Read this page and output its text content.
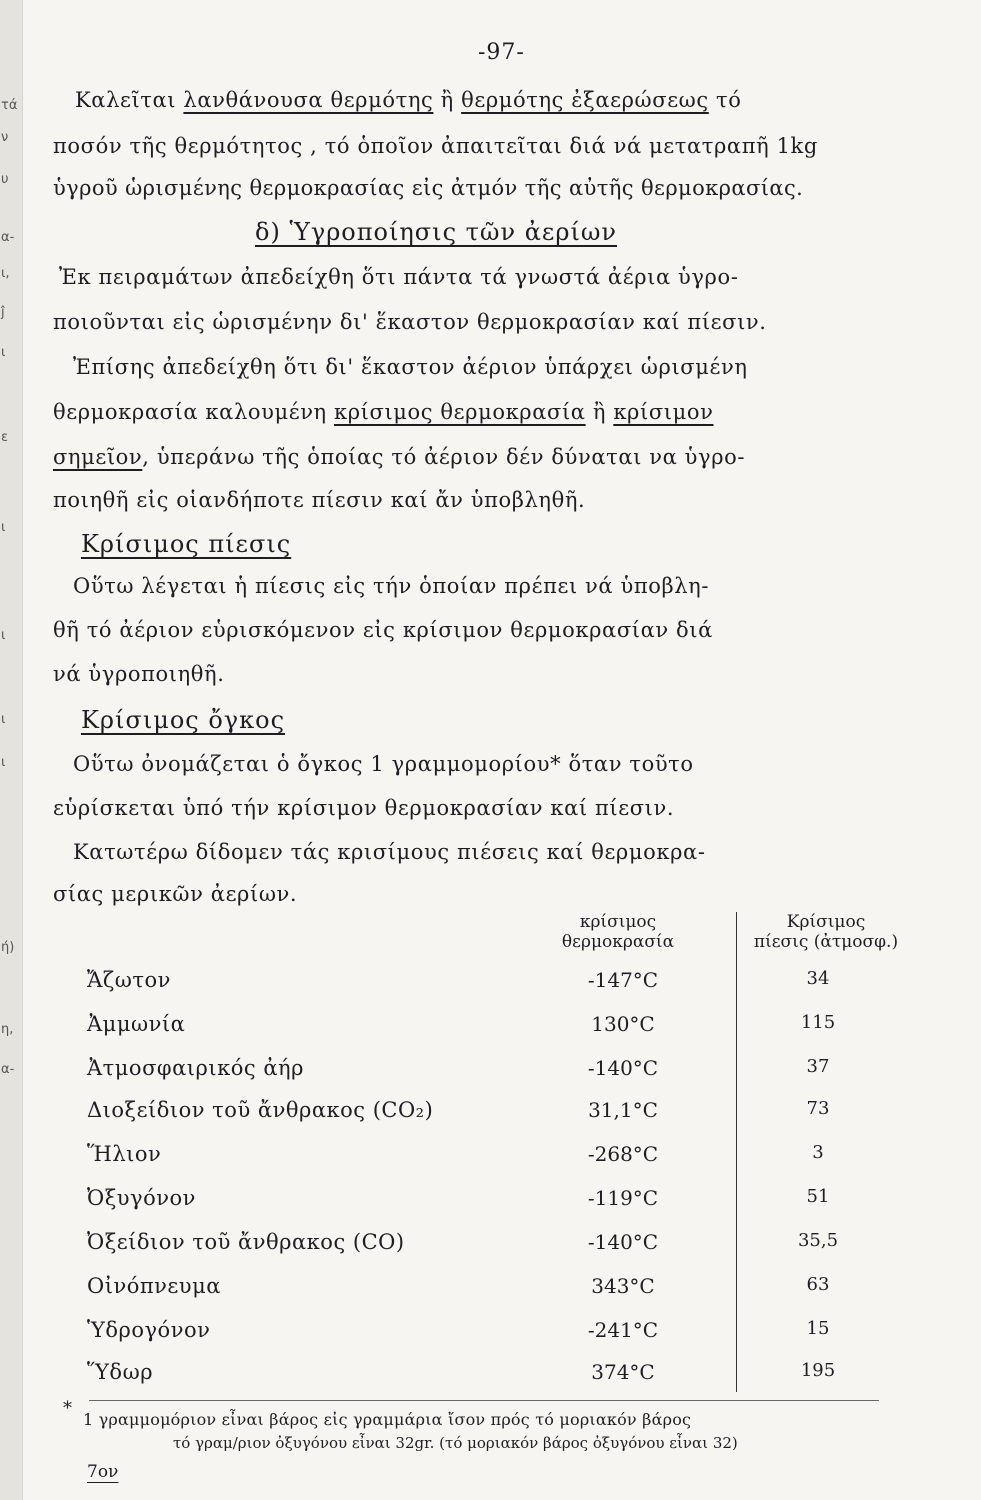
τά
ν
υ
α-
ι,
ĵ
ι
ε
ι
ι
ι
ι
ή)
η,
α-
-97-
Καλεῖται λανθάνουσα θερμότης ἢ θερμότης ἐξαερώσεως τό
ποσόν τῆς θερμότητος , τό ὁποῖον ἀπαιτεῖται διά νά μετατραπῆ 1kg
ὑγροῦ ὡρισμένης θερμοκρασίας εἰς ἀτμόν τῆς αὐτῆς θερμοκρασίας.
δ) Ὑγροποίησις τῶν ἀερίων
Ἐκ πειραμάτων ἀπεδείχθη ὅτι πάντα τά γνωστά ἀέρια ὑγρο-
ποιοῦνται εἰς ὡρισμένην δι' ἕκαστον θερμοκρασίαν καί πίεσιν.
Ἐπίσης ἀπεδείχθη ὅτι δι' ἕκαστον ἀέριον ὑπάρχει ὡρισμένη
θερμοκρασία καλουμένη κρίσιμος θερμοκρασία ἢ κρίσιμον
σημεῖον, ὑπεράνω τῆς ὁποίας τό ἀέριον δέν δύναται να ὑγρο-
ποιηθῆ εἰς οἱανδήποτε πίεσιν καί ἄν ὑποβληθῆ.
Κρίσιμος πίεσις
Οὕτω λέγεται ἡ πίεσις εἰς τήν ὁποίαν πρέπει νά ὑποβλη-
θῆ τό ἀέριον εὑρισκόμενον εἰς κρίσιμον θερμοκρασίαν διά
νά ὑγροποιηθῆ.
Κρίσιμος ὄγκος
Οὕτω ὀνομάζεται ὁ ὄγκος 1 γραμμομορίου* ὅταν τοῦτο
εὑρίσκεται ὑπό τήν κρίσιμον θερμοκρασίαν καί πίεσιν.
Κατωτέρω δίδομεν τάς κρισίμους πιέσεις καί θερμοκρα-
σίας μερικῶν ἀερίων.
κρίσιμος
θερμοκρασία
Κρίσιμος
πίεσις (ἀτμοσφ.)
Ἄζωτον	-147°C	34
Ἀμμωνία	130°C	115
Ἀτμοσφαιρικός ἀήρ	-140°C	37
Διοξείδιον τοῦ ἄνθρακος (CO₂)	31,1°C	73
Ἥλιον	-268°C	3
Ὀξυγόνον	-119°C	51
Ὀξείδιον τοῦ ἄνθρακος (CO)	-140°C	35,5
Οἰνόπνευμα	343°C	63
Ὑδρογόνον	-241°C	15
Ὕδωρ	374°C	195
*
1 γραμμομόριον εἶναι βάρος εἰς γραμμάρια ἴσον πρός τό μοριακόν βάρος
τό γραμ/ριον ὀξυγόνου εἶναι 32gr. (τό μοριακόν βάρος ὀξυγόνου εἶναι 32)
7ον
